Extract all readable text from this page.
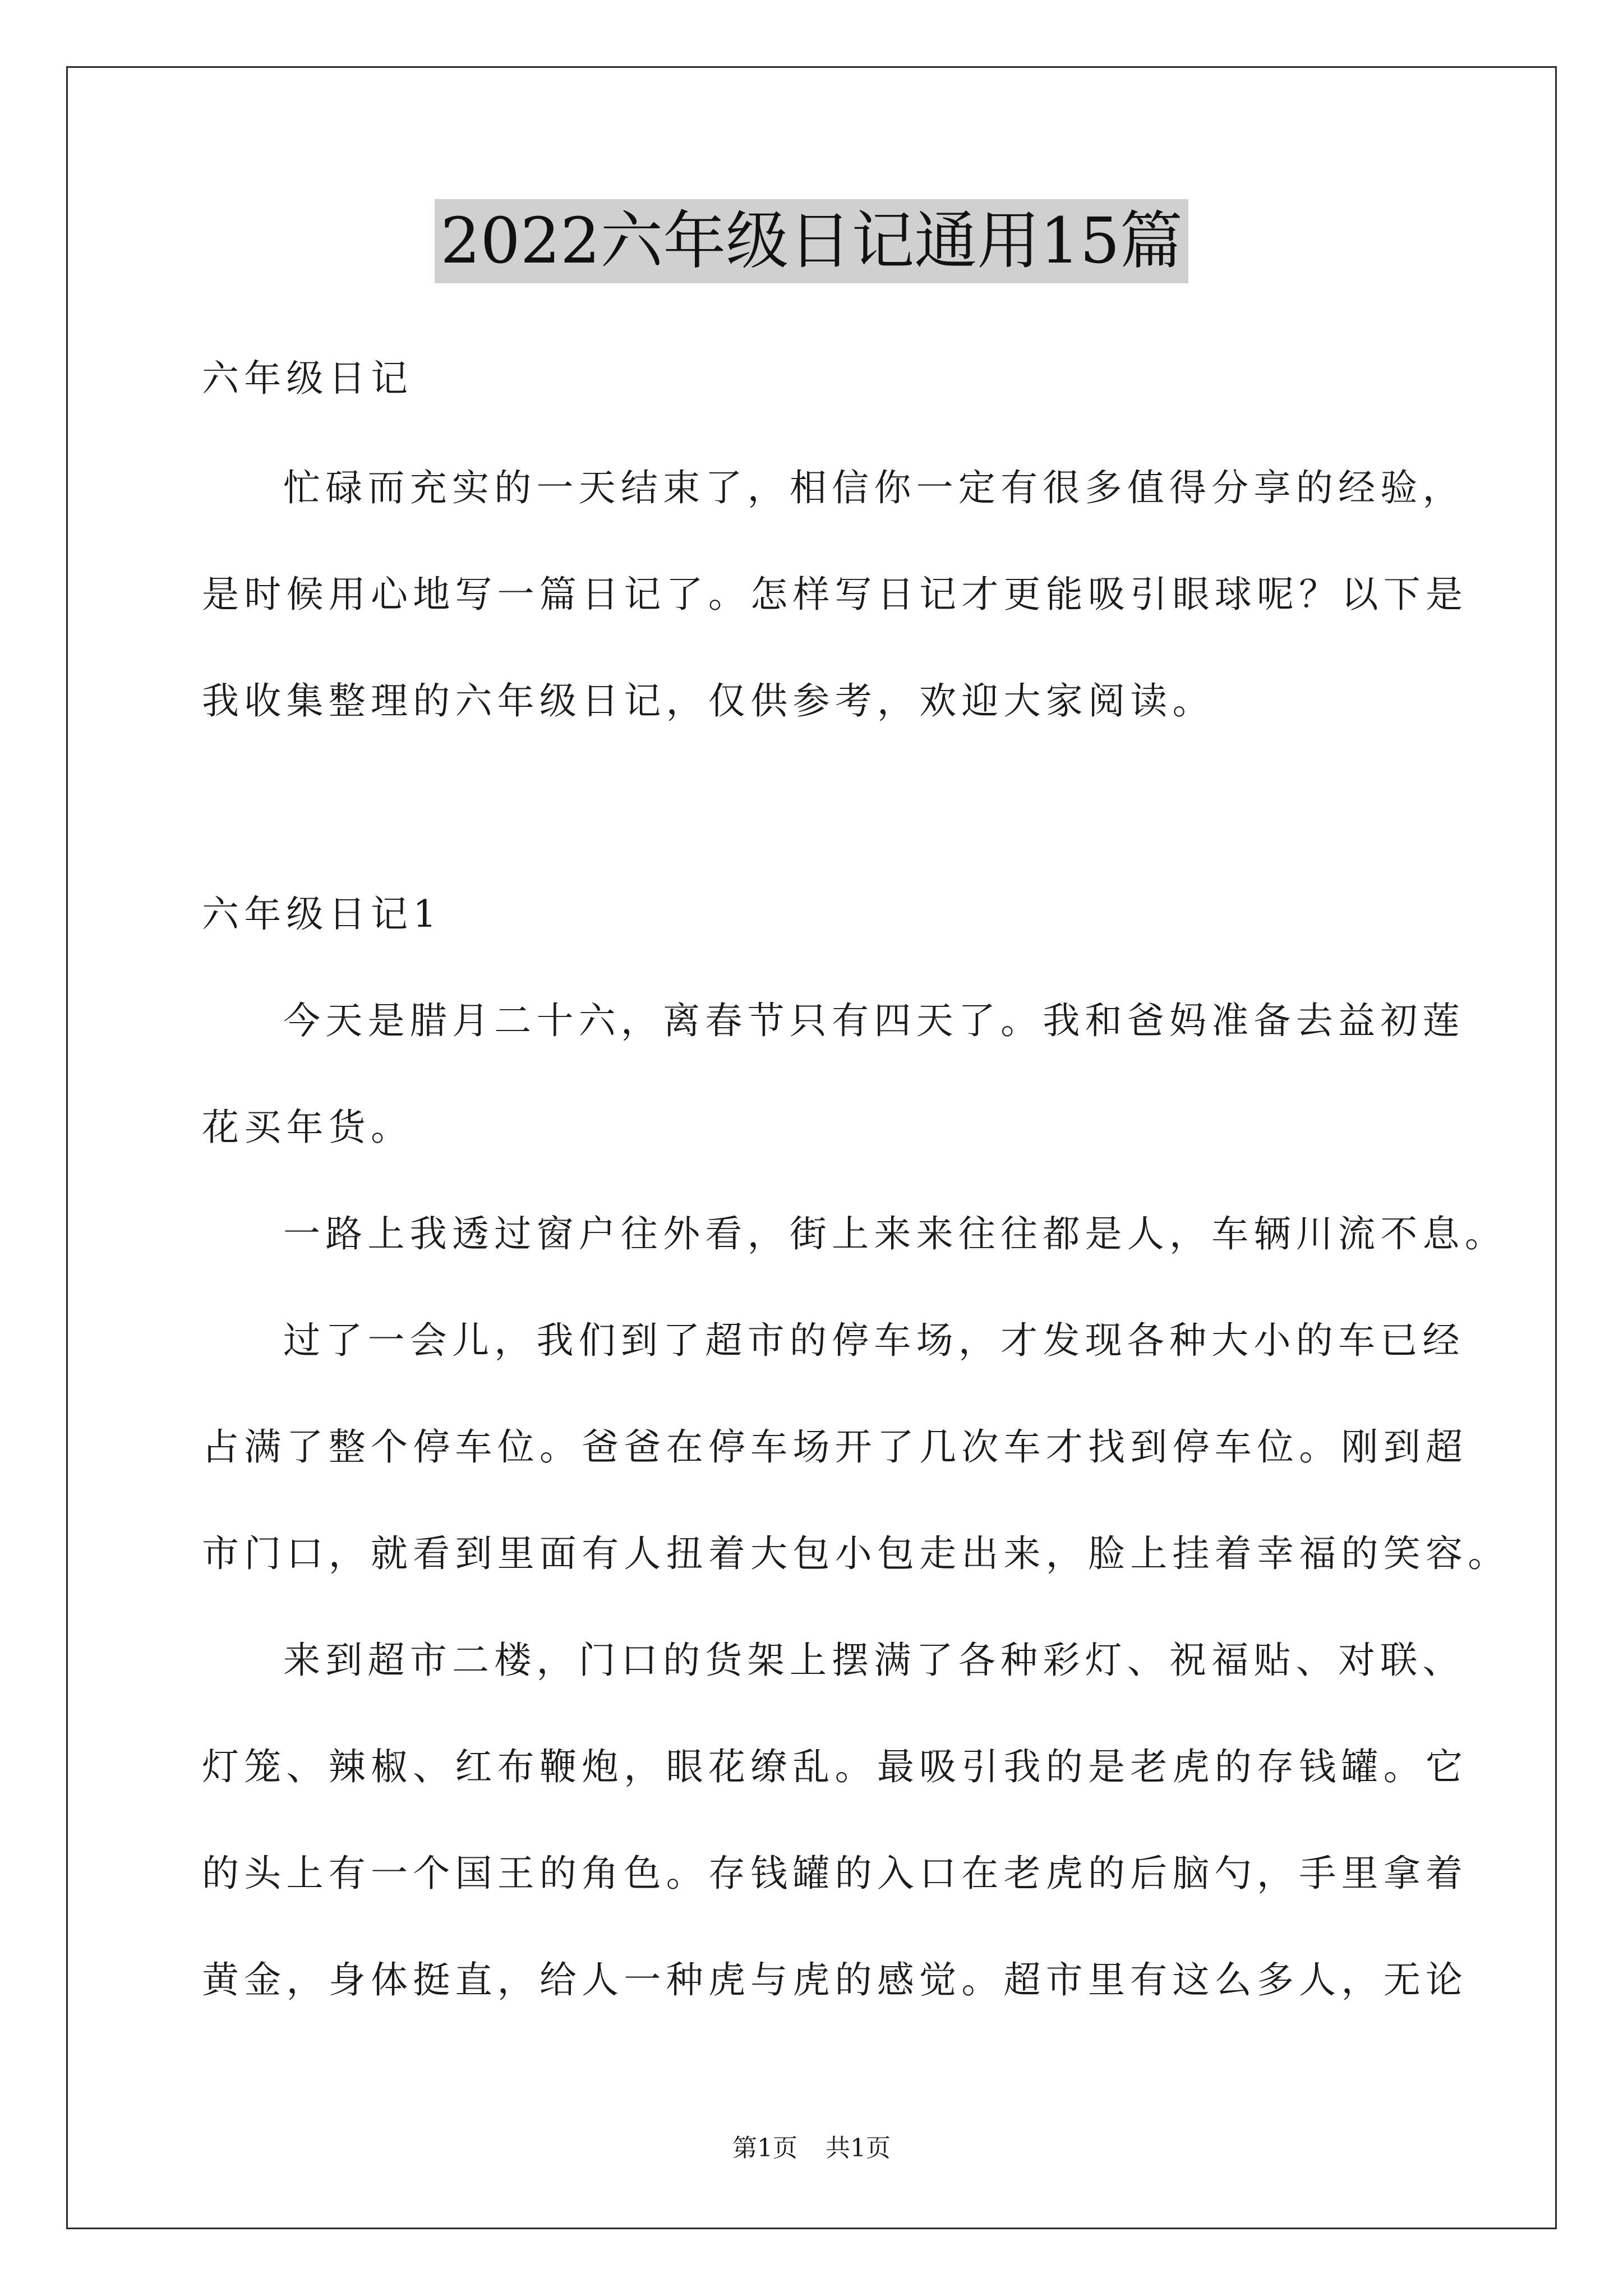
2022六年级日记通用15篇
六年级日记
忙碌而充实的一天结束了，相信你一定有很多值得分享的经验，
是时候用心地写一篇日记了。怎样写日记才更能吸引眼球呢？以下是
我收集整理的六年级日记，仅供参考，欢迎大家阅读。
六年级日记1
今天是腊月二十六，离春节只有四天了。我和爸妈准备去益初莲
花买年货。
一路上我透过窗户往外看，街上来来往往都是人，车辆川流不息。
过了一会儿，我们到了超市的停车场，才发现各种大小的车已经
占满了整个停车位。爸爸在停车场开了几次车才找到停车位。刚到超
市门口，就看到里面有人扭着大包小包走出来，脸上挂着幸福的笑容。
来到超市二楼，门口的货架上摆满了各种彩灯、祝福贴、对联、
灯笼、辣椒、红布鞭炮，眼花缭乱。最吸引我的是老虎的存钱罐。它
的头上有一个国王的角色。存钱罐的入口在老虎的后脑勺，手里拿着
黄金，身体挺直，给人一种虎与虎的感觉。超市里有这么多人，无论
第1页 共1页
